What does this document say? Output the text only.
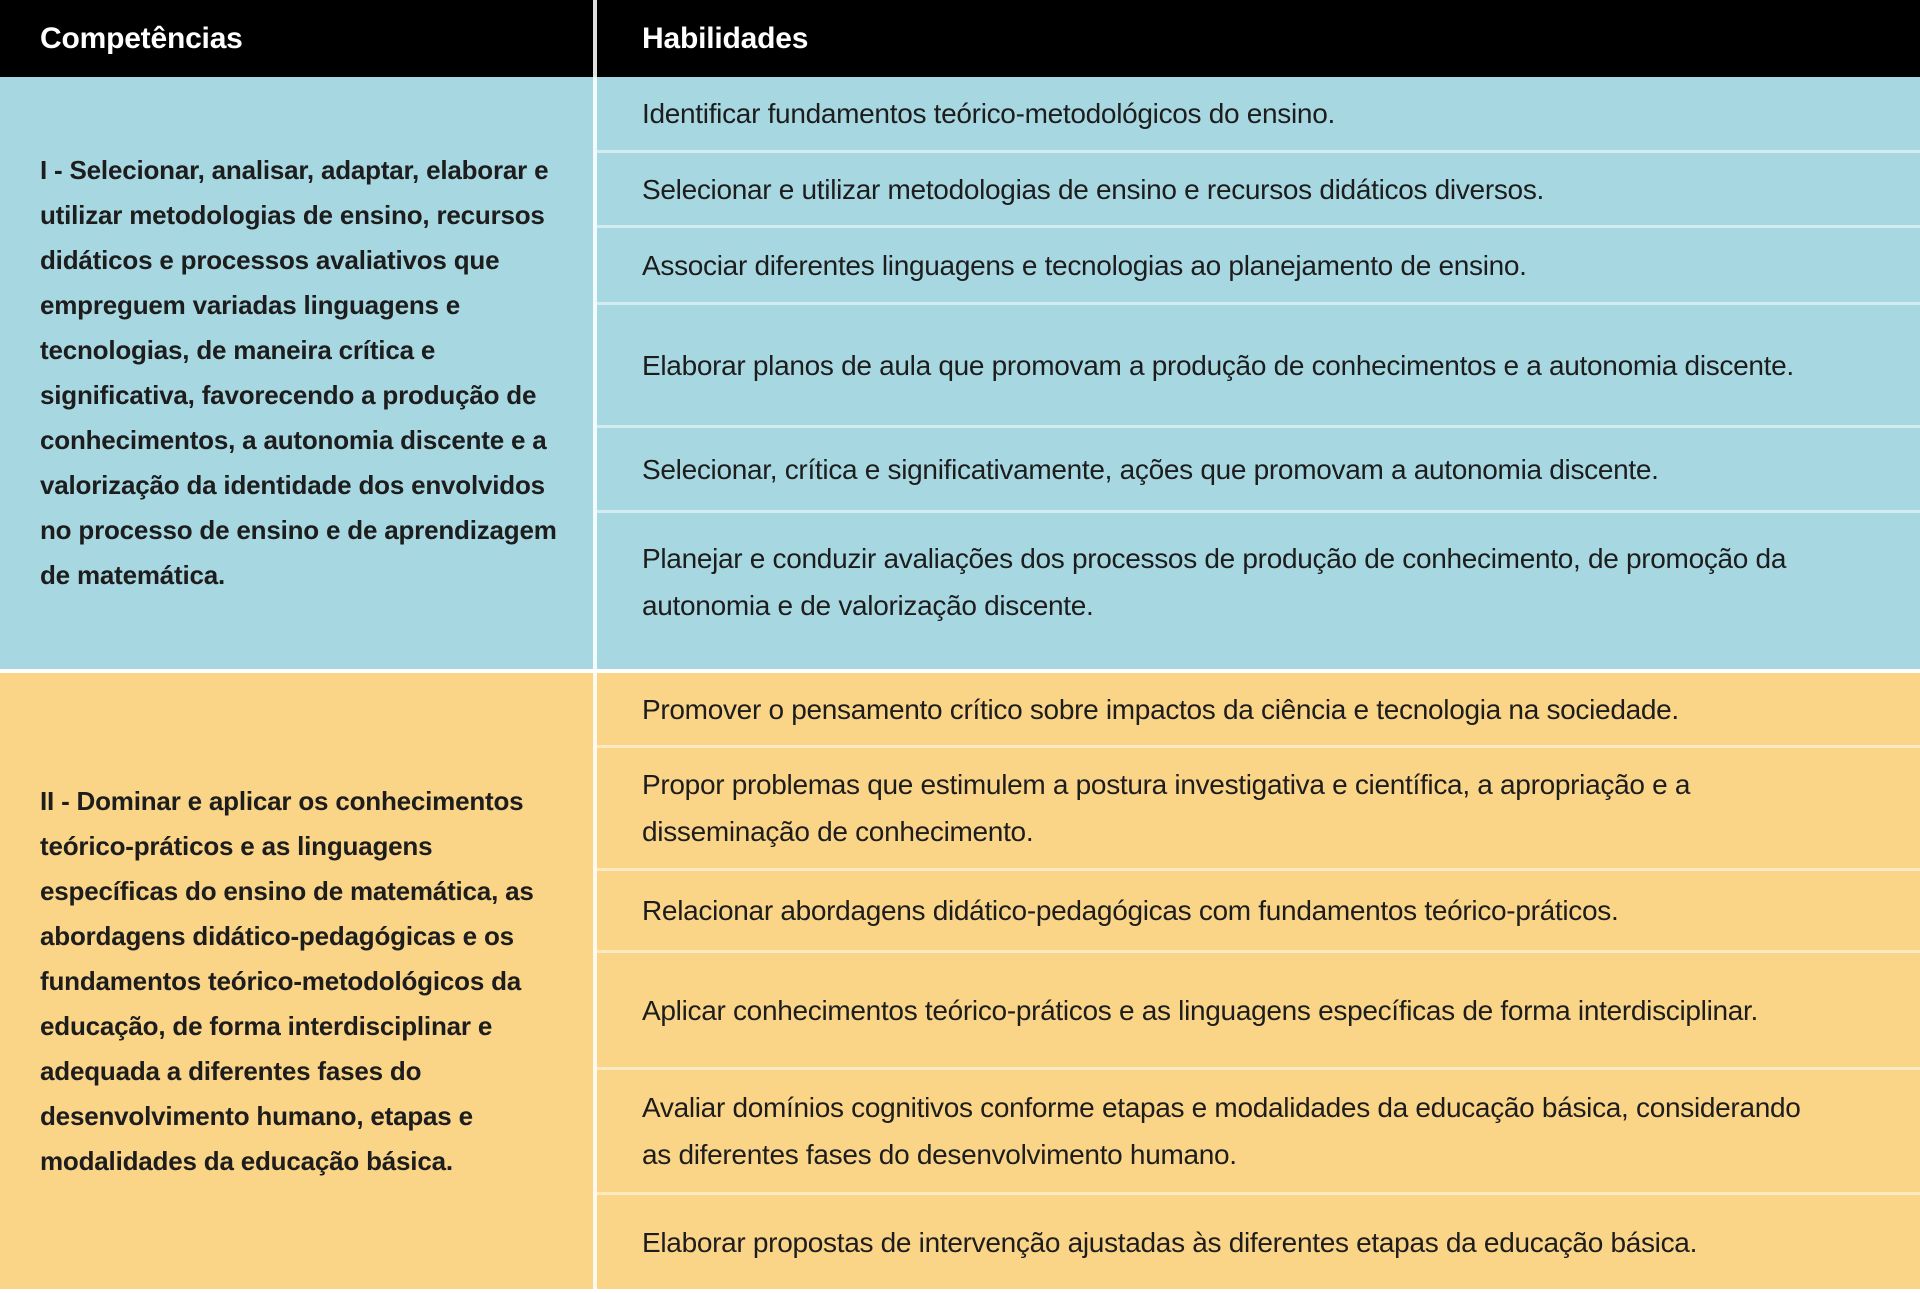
Competências	Habilidades

I - Selecionar, analisar, adaptar, elaborar e utilizar metodologias de ensino, recursos didáticos e processos avaliativos que empreguem variadas linguagens e tecnologias, de maneira crítica e significativa, favorecendo a produção de conhecimentos, a autonomia discente e a valorização da identidade dos envolvidos no processo de ensino e de aprendizagem de matemática.

Identificar fundamentos teórico-metodológicos do ensino.
Selecionar e utilizar metodologias de ensino e recursos didáticos diversos.
Associar diferentes linguagens e tecnologias ao planejamento de ensino.
Elaborar planos de aula que promovam a produção de conhecimentos e a autonomia discente.
Selecionar, crítica e significativamente, ações que promovam a autonomia discente.
Planejar e conduzir avaliações dos processos de produção de conhecimento, de promoção da autonomia e de valorização discente.

II - Dominar e aplicar os conhecimentos teórico-práticos e as linguagens específicas do ensino de matemática, as abordagens didático-pedagógicas e os fundamentos teórico-metodológicos da educação, de forma interdisciplinar e adequada a diferentes fases do desenvolvimento humano, etapas e modalidades da educação básica.

Promover o pensamento crítico sobre impactos da ciência e tecnologia na sociedade.
Propor problemas que estimulem a postura investigativa e científica, a apropriação e a disseminação de conhecimento.
Relacionar abordagens didático-pedagógicas com fundamentos teórico-práticos.
Aplicar conhecimentos teórico-práticos e as linguagens específicas de forma interdisciplinar.
Avaliar domínios cognitivos conforme etapas e modalidades da educação básica, considerando as diferentes fases do desenvolvimento humano.
Elaborar propostas de intervenção ajustadas às diferentes etapas da educação básica.
